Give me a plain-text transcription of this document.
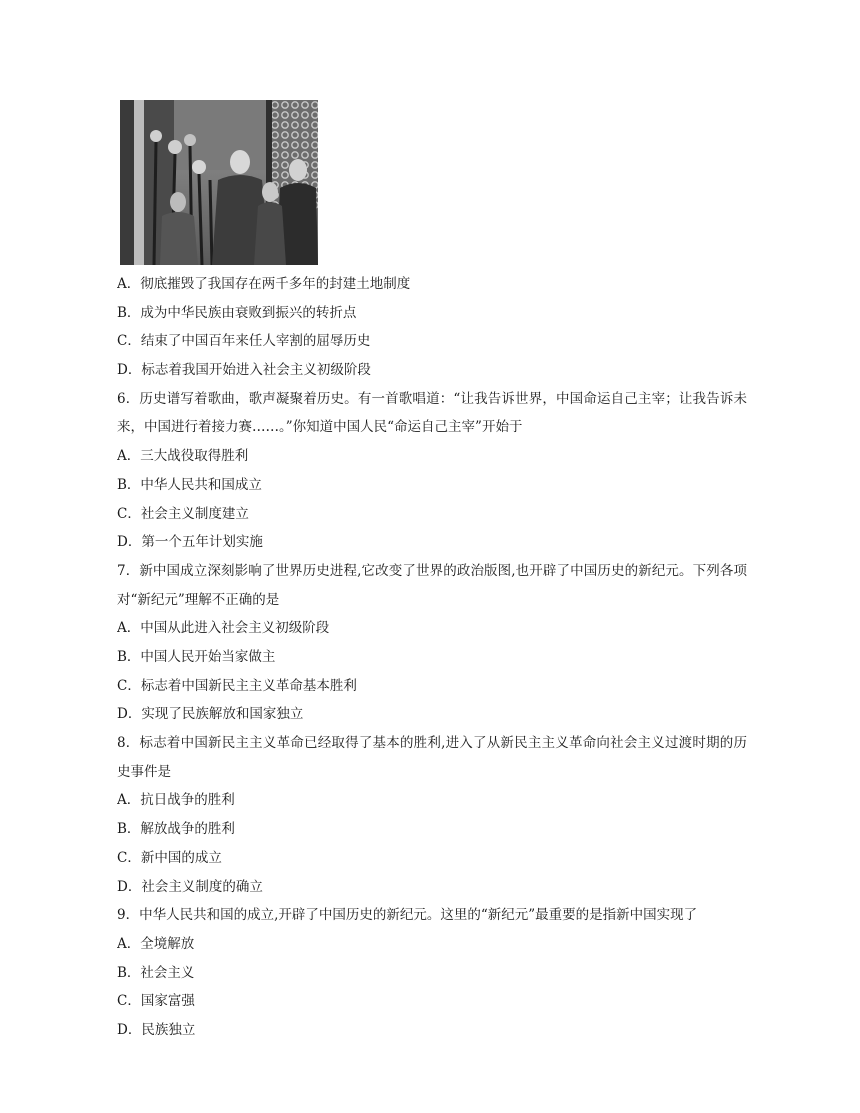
A．彻底摧毁了我国存在两千多年的封建土地制度
B．成为中华民族由衰败到振兴的转折点
C．结束了中国百年来任人宰割的屈辱历史
D．标志着我国开始进入社会主义初级阶段
6．历史谱写着歌曲，歌声凝聚着历史。有一首歌唱道：“让我告诉世界，中国命运自己主宰；让我告诉未来，中国进行着接力赛……。”你知道中国人民“命运自己主宰”开始于
A．三大战役取得胜利
B．中华人民共和国成立
C．社会主义制度建立
D．第一个五年计划实施
7．新中国成立深刻影响了世界历史进程,它改变了世界的政治版图,也开辟了中国历史的新纪元。下列各项对“新纪元”理解不正确的是
A．中国从此进入社会主义初级阶段
B．中国人民开始当家做主
C．标志着中国新民主主义革命基本胜利
D．实现了民族解放和国家独立
8．标志着中国新民主主义革命已经取得了基本的胜利,进入了从新民主主义革命向社会主义过渡时期的历史事件是
A．抗日战争的胜利
B．解放战争的胜利
C．新中国的成立
D．社会主义制度的确立
9．中华人民共和国的成立,开辟了中国历史的新纪元。这里的“新纪元”最重要的是指新中国实现了
A．全境解放
B．社会主义
C．国家富强
D．民族独立
